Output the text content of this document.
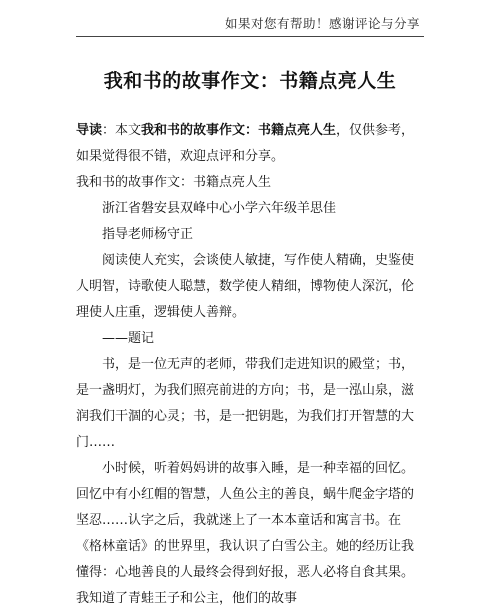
如果对您有帮助！感谢评论与分享
我和书的故事作文：书籍点亮人生

导读：本文我和书的故事作文：书籍点亮人生，仅供参考，如果觉得很不错，欢迎点评和分享。

我和书的故事作文：书籍点亮人生

浙江省磐安县双峰中心小学六年级羊思佳

指导老师杨守正

阅读使人充实，会谈使人敏捷，写作使人精确，史鉴使人明智，诗歌使人聪慧，数学使人精细，博物使人深沉，伦理使人庄重，逻辑使人善辩。

——题记

书，是一位无声的老师，带我们走进知识的殿堂；书，是一盏明灯，为我们照亮前进的方向；书，是一泓山泉，滋润我们干涸的心灵；书，是一把钥匙，为我们打开智慧的大门……

小时候，听着妈妈讲的故事入睡，是一种幸福的回忆。回忆中有小红帽的智慧，人鱼公主的善良，蜗牛爬金字塔的坚忍……认字之后，我就迷上了一本本童话和寓言书。在《格林童话》的世界里，我认识了白雪公主。她的经历让我懂得：心地善良的人最终会得到好报，恶人必将自食其果。我知道了青蛙王子和公主，他们的故事
